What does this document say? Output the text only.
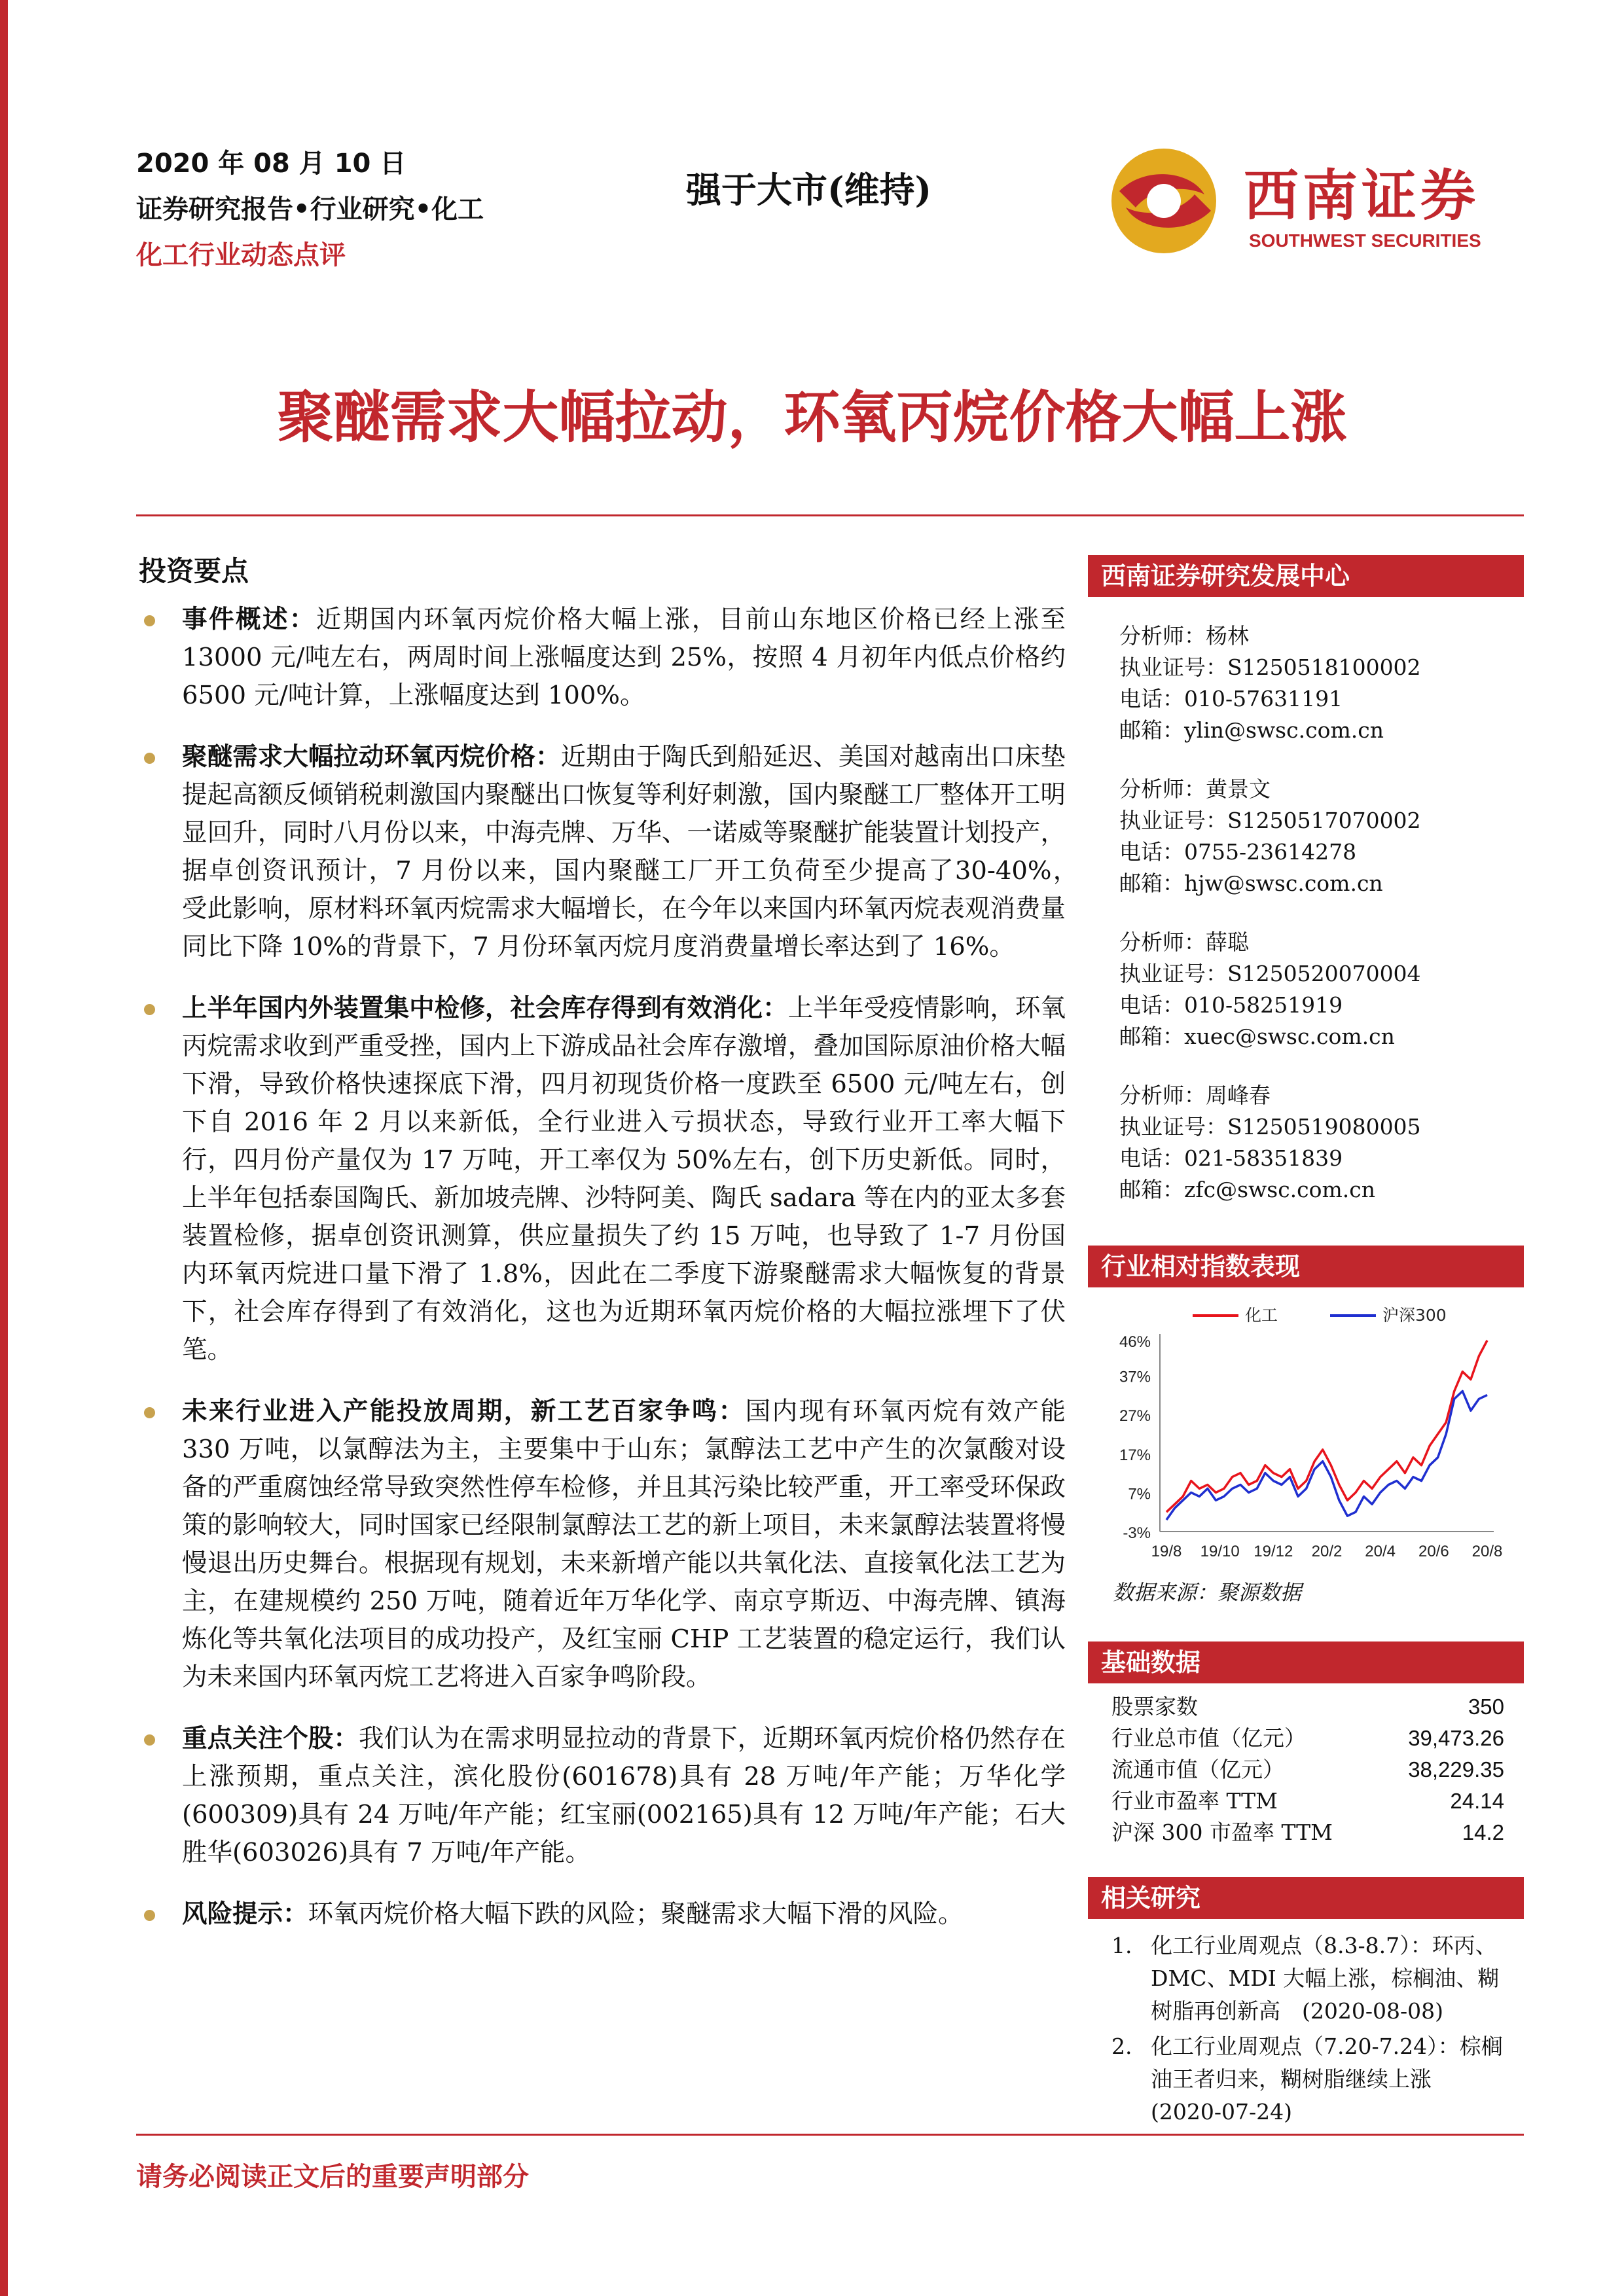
2020 年 08 月 10 日
证券研究报告•行业研究•化工
化工行业动态点评
强于大市(维持)	西南证券
SOUTHWEST SECURITIES
聚醚需求大幅拉动，环氧丙烷价格大幅上涨
投资要点
事件概述：近期国内环氧丙烷价格大幅上涨，目前山东地区价格已经上涨至13000 元/吨左右，两周时间上涨幅度达到 25%，按照 4 月初年内低点价格约6500 元/吨计算，上涨幅度达到 100%。
聚醚需求大幅拉动环氧丙烷价格：近期由于陶氏到船延迟、美国对越南出口床垫提起高额反倾销税刺激国内聚醚出口恢复等利好刺激，国内聚醚工厂整体开工明显回升，同时八月份以来，中海壳牌、万华、一诺威等聚醚扩能装置计划投产，据卓创资讯预计，7 月份以来，国内聚醚工厂开工负荷至少提高了30-40%，　受此影响，原材料环氧丙烷需求大幅增长，在今年以来国内环氧丙烷表观消费量同比下降 10%的背景下，7 月份环氧丙烷月度消费量增长率达到了 16%。
上半年国内外装置集中检修，社会库存得到有效消化：上半年受疫情影响，环氧丙烷需求收到严重受挫，国内上下游成品社会库存激增，叠加国际原油价格大幅下滑，导致价格快速探底下滑，四月初现货价格一度跌至 6500 元/吨左右，创下自 2016 年 2 月以来新低，全行业进入亏损状态，导致行业开工率大幅下行，四月份产量仅为 17 万吨，开工率仅为 50%左右，创下历史新低。同时，上半年包括泰国陶氏、新加坡壳牌、沙特阿美、陶氏 sadara 等在内的亚太多套装置检修，据卓创资讯测算，供应量损失了约 15 万吨，也导致了 1-7 月份国内环氧丙烷进口量下滑了 1.8%，因此在二季度下游聚醚需求大幅恢复的背景下，社会库存得到了有效消化，这也为近期环氧丙烷价格的大幅拉涨埋下了伏笔。
未来行业进入产能投放周期，新工艺百家争鸣：国内现有环氧丙烷有效产能 330 万吨，以氯醇法为主，主要集中于山东；氯醇法工艺中产生的次氯酸对设备的严重腐蚀经常导致突然性停车检修，并且其污染比较严重，开工率受环保政策的影响较大，同时国家已经限制氯醇法工艺的新上项目，未来氯醇法装置将慢慢退出历史舞台。根据现有规划，未来新增产能以共氧化法、直接氧化法工艺为主，在建规模约 250 万吨，随着近年万华化学、南京亨斯迈、中海壳牌、镇海炼化等共氧化法项目的成功投产，及红宝丽 CHP 工艺装置的稳定运行，我们认为未来国内环氧丙烷工艺将进入百家争鸣阶段。
重点关注个股：我们认为在需求明显拉动的背景下，近期环氧丙烷价格仍然存在上涨预期，重点关注，滨化股份(601678)具有 28 万吨/年产能；万华化学(600309)具有 24 万吨/年产能；红宝丽(002165)具有 12 万吨/年产能；石大胜华(603026)具有 7 万吨/年产能。
风险提示：环氧丙烷价格大幅下跌的风险；聚醚需求大幅下滑的风险。
西南证券研究发展中心
分析师：杨林
执业证号：S1250518100002
电话：010-57631191
邮箱：ylin@swsc.com.cn
分析师：黄景文
执业证号：S1250517070002
电话：0755-23614278
邮箱：hjw@swsc.com.cn
分析师：薛聪
执业证号：S1250520070004
电话：010-58251919
邮箱：xuec@swsc.com.cn
分析师：周峰春
执业证号：S1250519080005
电话：021-58351839
邮箱：zfc@swsc.com.cn
行业相对指数表现
46%
37%
27%
17%
7%
-3%
19/8 19/10 19/12 20/2 20/4 20/6 20/8
化工	沪深300
数据来源：聚源数据
基础数据
股票家数	350
行业总市值（亿元）	39,473.26
流通市值（亿元）	38,229.35
行业市盈率 TTM	24.14
沪深 300 市盈率 TTM	14.2
相关研究
1. 化工行业周观点（8.3-8.7）：环丙、DMC、MDI 大幅上涨，棕榈油、糊树脂再创新高　(2020-08-08)
2. 化工行业周观点（7.20-7.24）：棕榈油王者归来，糊树脂继续上涨 (2020-07-24)
请务必阅读正文后的重要声明部分
